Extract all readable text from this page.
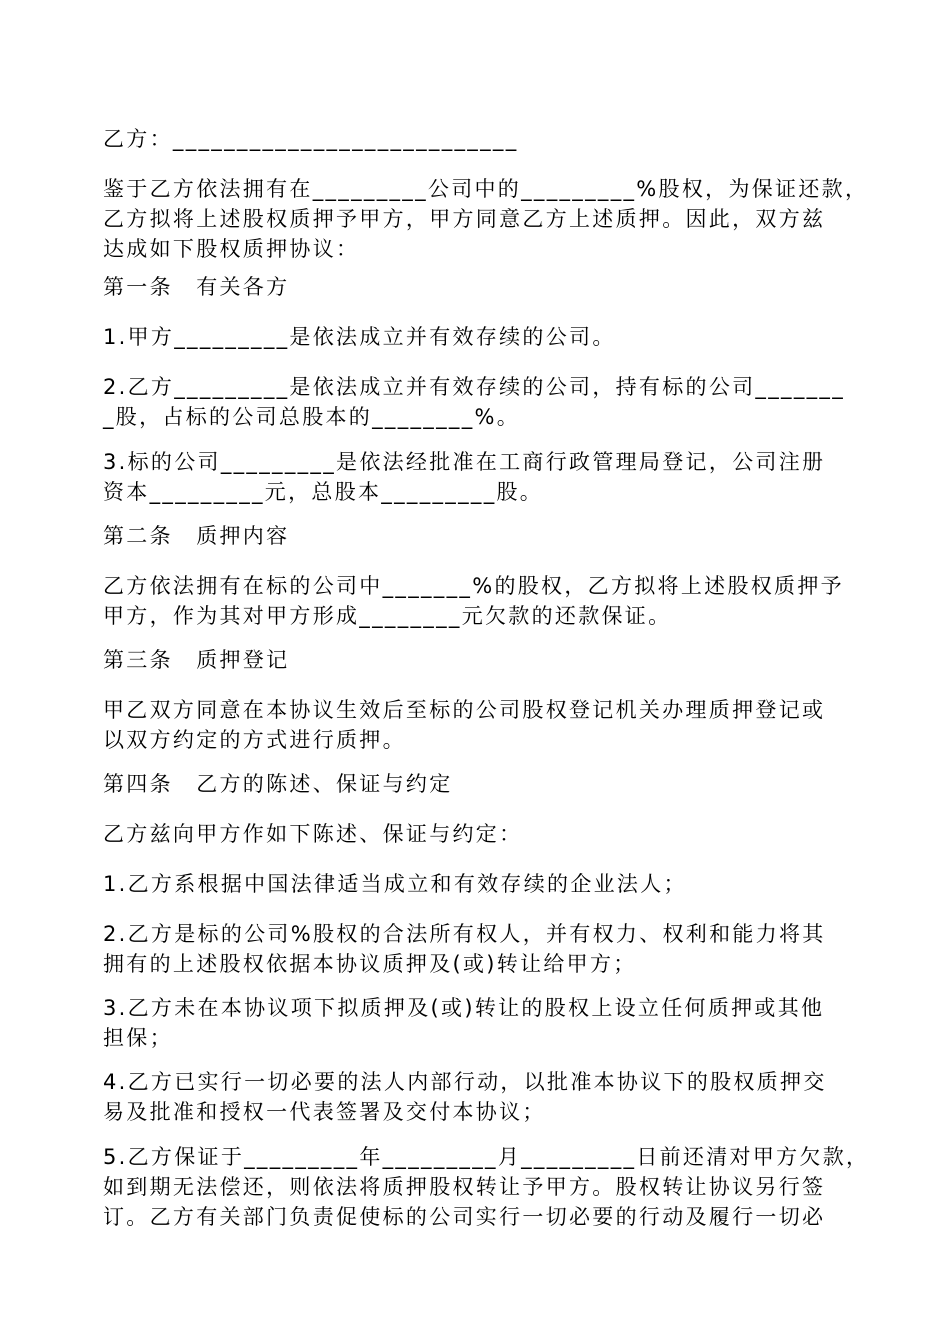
乙方：___________________________
鉴于乙方依法拥有在_________公司中的_________%股权，为保证还款，
乙方拟将上述股权质押予甲方，甲方同意乙方上述质押。因此，双方兹
达成如下股权质押协议：
第一条　有关各方
1.甲方_________是依法成立并有效存续的公司。
2.乙方_________是依法成立并有效存续的公司，持有标的公司_______
_股，占标的公司总股本的________%。
3.标的公司_________是依法经批准在工商行政管理局登记，公司注册
资本_________元，总股本_________股。
第二条　质押内容
乙方依法拥有在标的公司中_______%的股权，乙方拟将上述股权质押予
甲方，作为其对甲方形成________元欠款的还款保证。
第三条　质押登记
甲乙双方同意在本协议生效后至标的公司股权登记机关办理质押登记或
以双方约定的方式进行质押。
第四条　乙方的陈述、保证与约定
乙方兹向甲方作如下陈述、保证与约定：
1.乙方系根据中国法律适当成立和有效存续的企业法人；
2.乙方是标的公司%股权的合法所有权人，并有权力、权利和能力将其
拥有的上述股权依据本协议质押及(或)转让给甲方；
3.乙方未在本协议项下拟质押及(或)转让的股权上设立任何质押或其他
担保；
4.乙方已实行一切必要的法人内部行动，以批准本协议下的股权质押交
易及批准和授权一代表签署及交付本协议；
5.乙方保证于_________年_________月_________日前还清对甲方欠款，
如到期无法偿还，则依法将质押股权转让予甲方。股权转让协议另行签
订。乙方有关部门负责促使标的公司实行一切必要的行动及履行一切必
